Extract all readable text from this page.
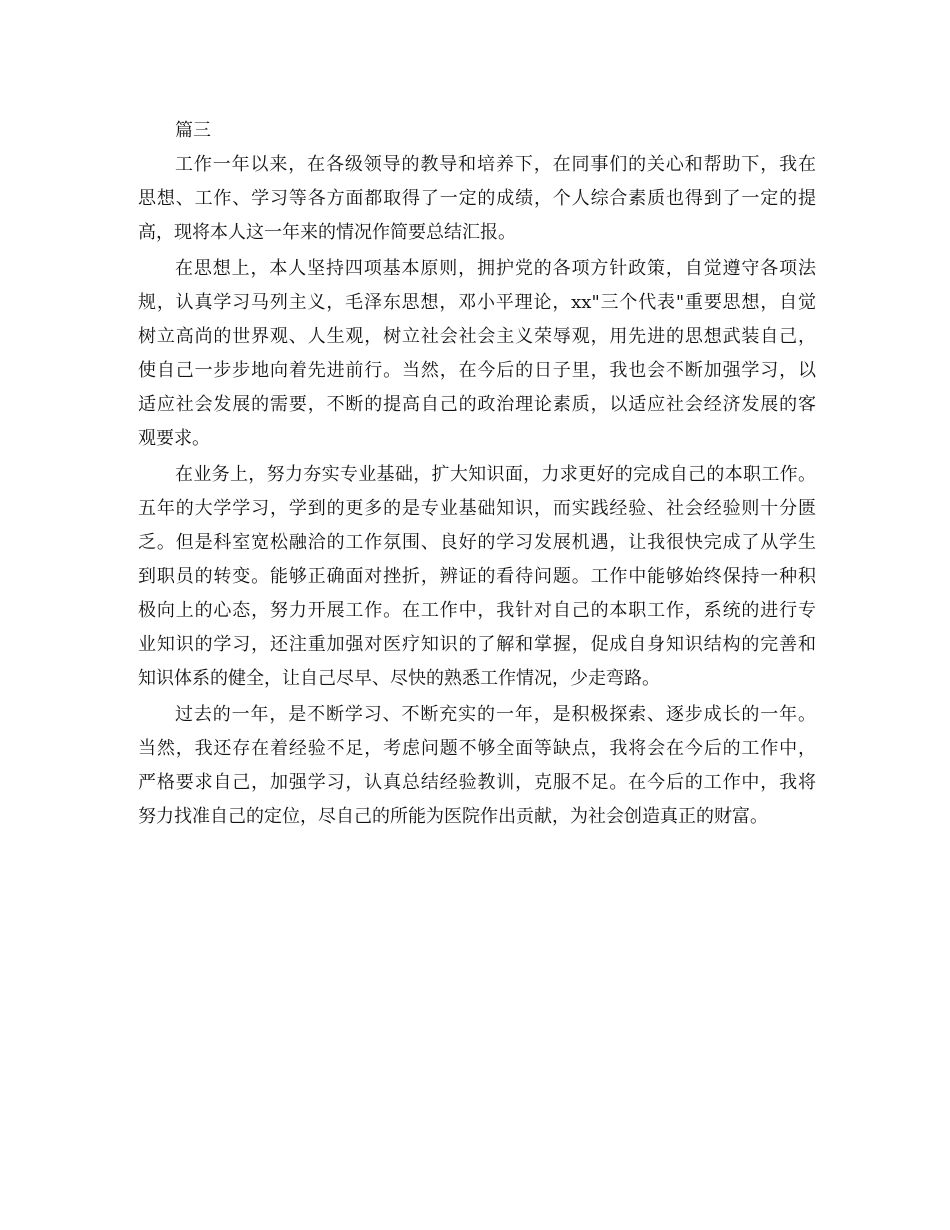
篇三
工作一年以来，在各级领导的教导和培养下，在同事们的关心和帮助下，我在
思想、工作、学习等各方面都取得了一定的成绩，个人综合素质也得到了一定的提
高，现将本人这一年来的情况作简要总结汇报。
在思想上，本人坚持四项基本原则，拥护党的各项方针政策，自觉遵守各项法
规，认真学习马列主义，毛泽东思想，邓小平理论，xx"三个代表"重要思想，自觉
树立高尚的世界观、人生观，树立社会社会主义荣辱观，用先进的思想武装自己，
使自己一步步地向着先进前行。当然，在今后的日子里，我也会不断加强学习，以
适应社会发展的需要，不断的提高自己的政治理论素质，以适应社会经济发展的客
观要求。
在业务上，努力夯实专业基础，扩大知识面，力求更好的完成自己的本职工作。
五年的大学学习，学到的更多的是专业基础知识，而实践经验、社会经验则十分匮
乏。但是科室宽松融洽的工作氛围、良好的学习发展机遇，让我很快完成了从学生
到职员的转变。能够正确面对挫折，辨证的看待问题。工作中能够始终保持一种积
极向上的心态，努力开展工作。在工作中，我针对自己的本职工作，系统的进行专
业知识的学习，还注重加强对医疗知识的了解和掌握，促成自身知识结构的完善和
知识体系的健全，让自己尽早、尽快的熟悉工作情况，少走弯路。
过去的一年，是不断学习、不断充实的一年，是积极探索、逐步成长的一年。
当然，我还存在着经验不足，考虑问题不够全面等缺点，我将会在今后的工作中，
严格要求自己，加强学习，认真总结经验教训，克服不足。在今后的工作中，我将
努力找准自己的定位，尽自己的所能为医院作出贡献，为社会创造真正的财富。
